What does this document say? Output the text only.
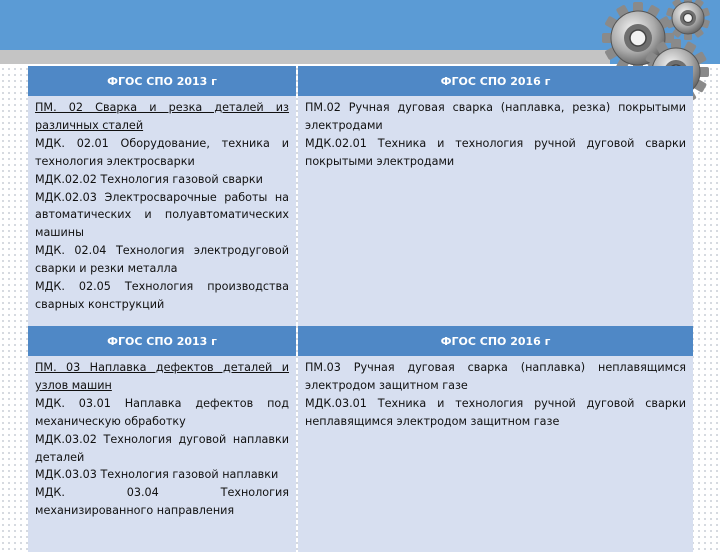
ФГОС СПО 2013 г	ФГОС СПО 2016 г
ПМ. 02 Сварка и резка деталей из различных сталей
МДК. 02.01 Оборудование, техника и технология электросварки
МДК.02.02 Технология газовой сварки
МДК.02.03 Электросварочные работы на автоматических и полуавтоматических машины
МДК. 02.04 Технология электродуговой сварки и резки металла
МДК. 02.05 Технология производства сварных конструкций
ПМ.02 Ручная дуговая сварка (наплавка, резка) покрытыми электродами
МДК.02.01 Техника и технология ручной дуговой сварки покрытыми электродами
ФГОС СПО 2013 г	ФГОС СПО 2016 г
ПМ. 03 Наплавка дефектов деталей и узлов машин
МДК. 03.01 Наплавка дефектов под механическую обработку
МДК.03.02 Технология дуговой наплавки деталей
МДК.03.03 Технология газовой наплавки
МДК. 03.04 Технология механизированного направления
ПМ.03 Ручная дуговая сварка (наплавка) неплавящимся электродом защитном газе
МДК.03.01 Техника и технология ручной дуговой сварки неплавящимся электродом защитном газе
